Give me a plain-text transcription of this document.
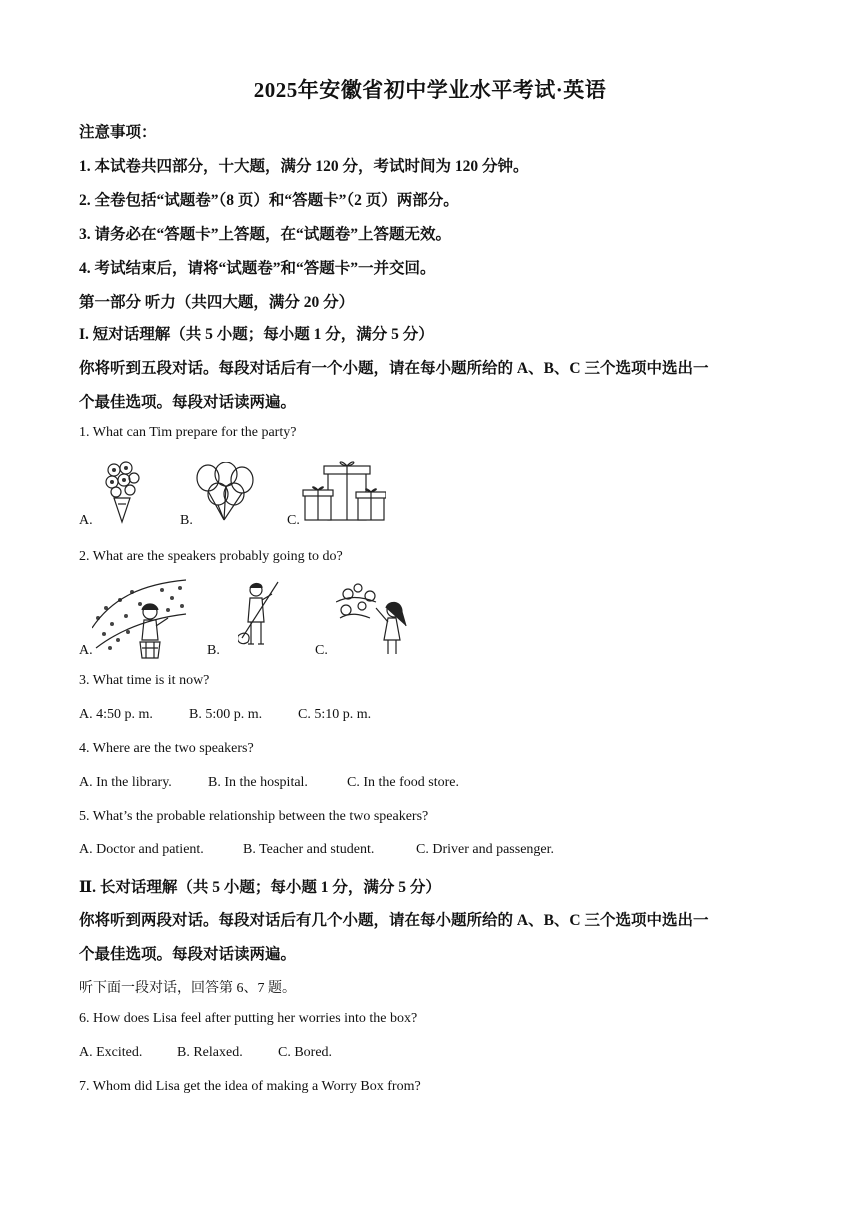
2025年安徽省初中学业水平考试·英语
注意事项：
1. 本试卷共四部分，十大题，满分 120 分，考试时间为 120 分钟。
2. 全卷包括“试题卷”（8 页）和“答题卡”（2 页）两部分。
3. 请务必在“答题卡”上答题，在“试题卷”上答题无效。
4. 考试结束后，请将“试题卷”和“答题卡”一并交回。
第一部分 听力（共四大题，满分 20 分）
I. 短对话理解（共 5 小题；每小题 1 分，满分 5 分）
你将听到五段对话。每段对话后有一个小题，请在每小题所给的 A、B、C 三个选项中选出一
个最佳选项。每段对话读两遍。
1. What can Tim prepare for the party?
A.	B.	C.
2. What are the speakers probably going to do?
A.	B.	C.
3. What time is it now?
A. 4:50 p. m.	B. 5:00 p. m.	C. 5:10 p. m.
4. Where are the two speakers?
A. In the library.	B. In the hospital.	C. In the food store.
5. What’s the probable relationship between the two speakers?
A. Doctor and patient.	B. Teacher and student.	C. Driver and passenger.
Ⅱ. 长对话理解（共 5 小题；每小题 1 分，满分 5 分）
你将听到两段对话。每段对话后有几个小题，请在每小题所给的 A、B、C 三个选项中选出一
个最佳选项。每段对话读两遍。
听下面一段对话，回答第 6、7 题。
6. How does Lisa feel after putting her worries into the box?
A. Excited. B. Relaxed.	C. Bored.
7. Whom did Lisa get the idea of making a Worry Box from?
